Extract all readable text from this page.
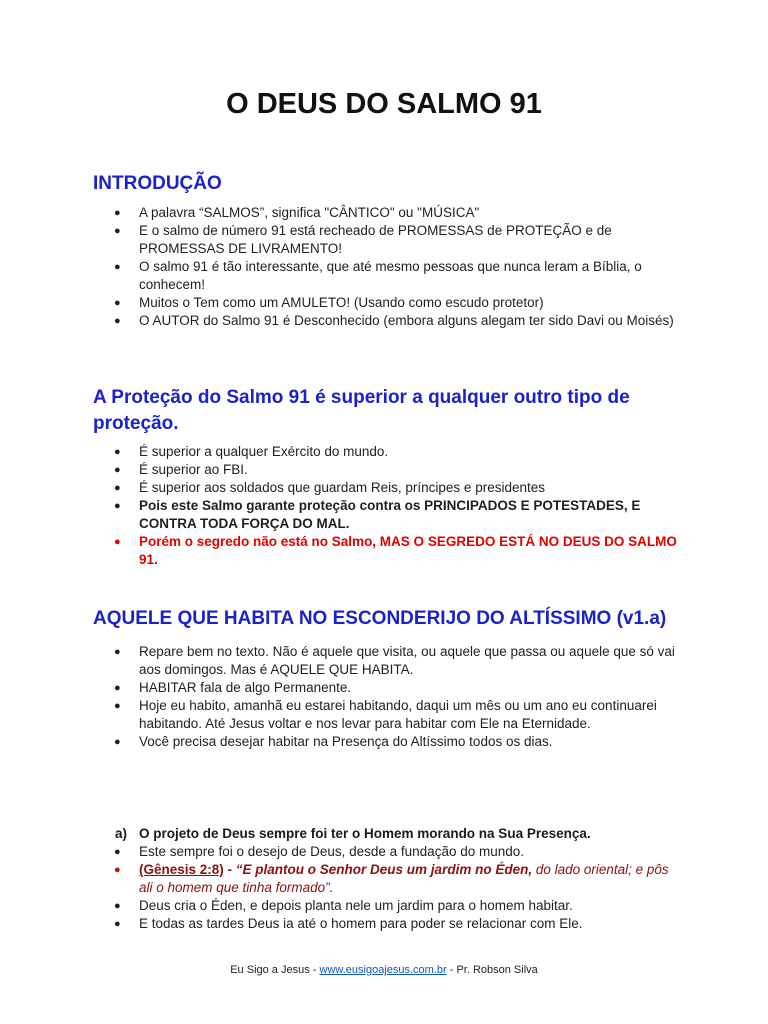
O DEUS DO SALMO 91
INTRODUÇÃO
● A palavra “SALMOS”, significa "CÂNTICO" ou "MÚSICA"
● E o salmo de número 91 está recheado de PROMESSAS de PROTEÇÃO e de PROMESSAS DE LIVRAMENTO!
● O salmo 91 é tão interessante, que até mesmo pessoas que nunca leram a Bíblia, o conhecem!
● Muitos o Tem como um AMULETO! (Usando como escudo protetor)
● O AUTOR do Salmo 91 é Desconhecido (embora alguns alegam ter sido Davi ou Moisés)
A Proteção do Salmo 91 é superior a qualquer outro tipo de proteção.
● É superior a qualquer Exército do mundo.
● É superior ao FBI.
● É superior aos soldados que guardam Reis, príncipes e presidentes
● Pois este Salmo garante proteção contra os PRINCIPADOS E POTESTADES, E CONTRA TODA FORÇA DO MAL.
● Porém o segredo não está no Salmo, MAS O SEGREDO ESTÁ NO DEUS DO SALMO 91.
AQUELE QUE HABITA NO ESCONDERIJO DO ALTÍSSIMO (v1.a)
● Repare bem no texto. Não é aquele que visita, ou aquele que passa ou aquele que só vai aos domingos. Mas é AQUELE QUE HABITA.
● HABITAR fala de algo Permanente.
● Hoje eu habito, amanhã eu estarei habitando, daqui um mês ou um ano eu continuarei habitando. Até Jesus voltar e nos levar para habitar com Ele na Eternidade.
● Você precisa desejar habitar na Presença do Altíssimo todos os dias.
a) O projeto de Deus sempre foi ter o Homem morando na Sua Presença.
● Este sempre foi o desejo de Deus, desde a fundação do mundo.
● (Gênesis 2:8) - “E plantou o Senhor Deus um jardim no Éden, do lado oriental; e pôs ali o homem que tinha formado”.
● Deus cria o Éden, e depois planta nele um jardim para o homem habitar.
● E todas as tardes Deus ia até o homem para poder se relacionar com Ele.
Eu Sigo a Jesus - www.eusigoajesus.com.br - Pr. Robson Silva
